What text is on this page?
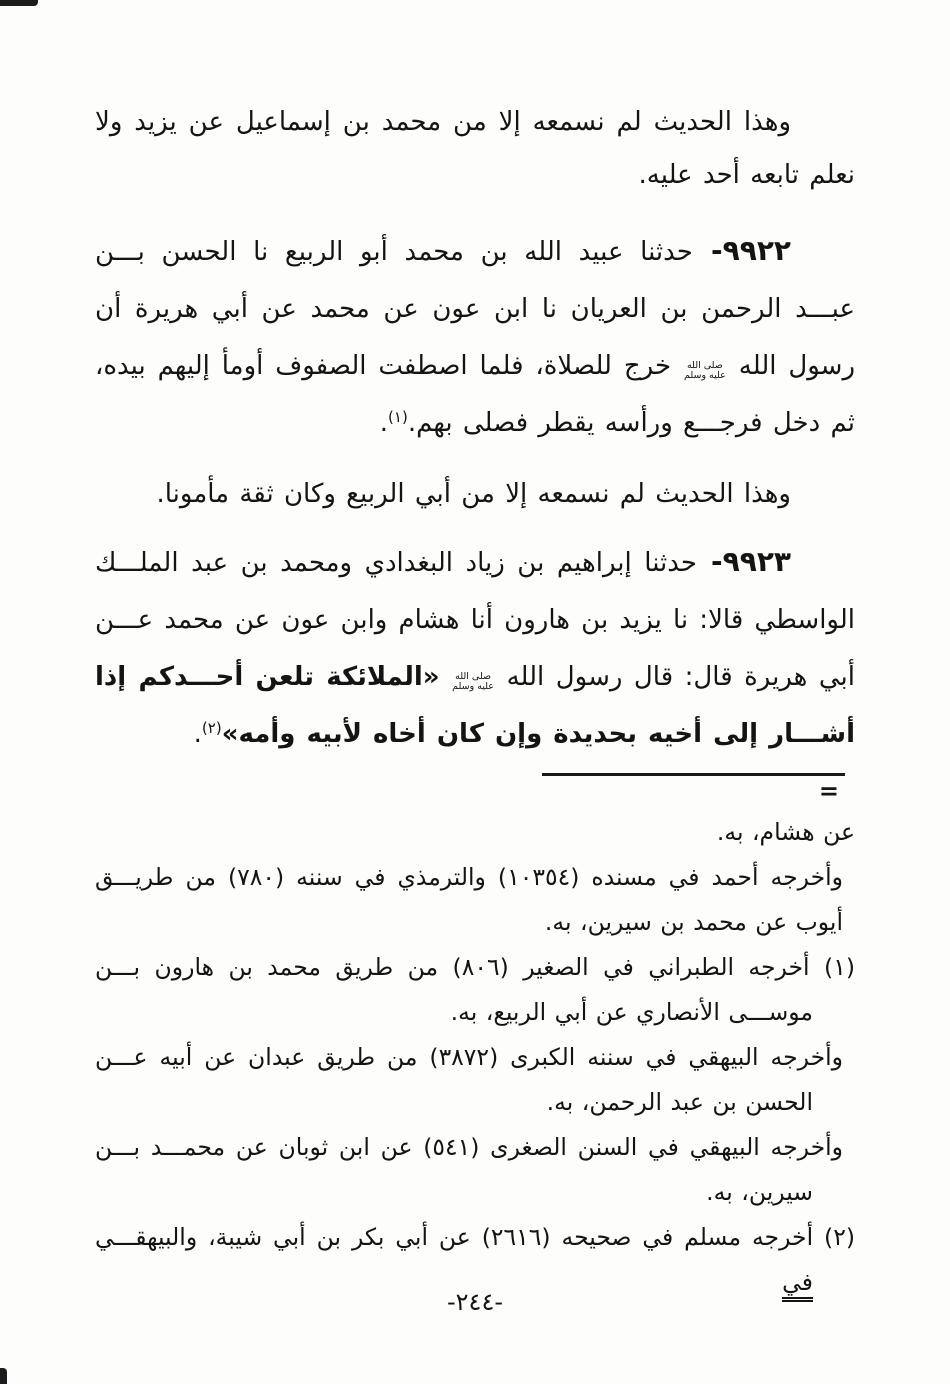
وهذا الحديث لم نسمعه إلا من محمد بن إسماعيل عن يزيد ولا نعلم تابعه أحد عليه.

٩٩٢٢- حدثنا عبيد الله بن محمد أبو الربيع نا الحسن بـــن عبـــد الرحمن بن العريان نا ابن عون عن محمد عن أبي هريرة أن رسول الله
صلى الله
عليه وسلم
خرج للصلاة، فلما اصطفت الصفوف أومأ إليهم بيده، ثم دخل فرجـــع ورأسه يقطر فصلى بهم.$^{(١)}$.

وهذا الحديث لم نسمعه إلا من أبي الربيع وكان ثقة مأمونا.

٩٩٢٣- حدثنا إبراهيم بن زياد البغدادي ومحمد بن عبد الملـــك الواسطي قالا: نا يزيد بن هارون أنا هشام وابن عون عن محمد عـــن أبي هريرة قال: قال رسول الله
صلى الله
عليه وسلم
«الملائكة تلعن أحـــدكم إذا أشـــار إلى أخيه بحديدة وإن كان أخاه لأبيه وأمه»$^{(٢)}$.

=

عن هشام، به.

وأخرجه أحمد في مسنده (١٠٣٥٤) والترمذي في سننه (٧٨٠) من طريـــق أيوب عن محمد بن سيرين، به.

(١) أخرجه الطبراني في الصغير (٨٠٦) من طريق محمد بن هارون بـــن موســـى الأنصاري عن أبي الربيع، به.

وأخرجه البيهقي في سننه الكبرى (٣٨٧٢) من طريق عبدان عن أبيه عـــن الحسن بن عبد الرحمن، به.

وأخرجه البيهقي في السنن الصغرى (٥٤١) عن ابن ثوبان عن محمـــد بـــن سيرين، به.

(٢) أخرجه مسلم في صحيحه (٢٦١٦) عن أبي بكر بن أبي شيبة، والبيهقـــي في

-٢٤٤-
